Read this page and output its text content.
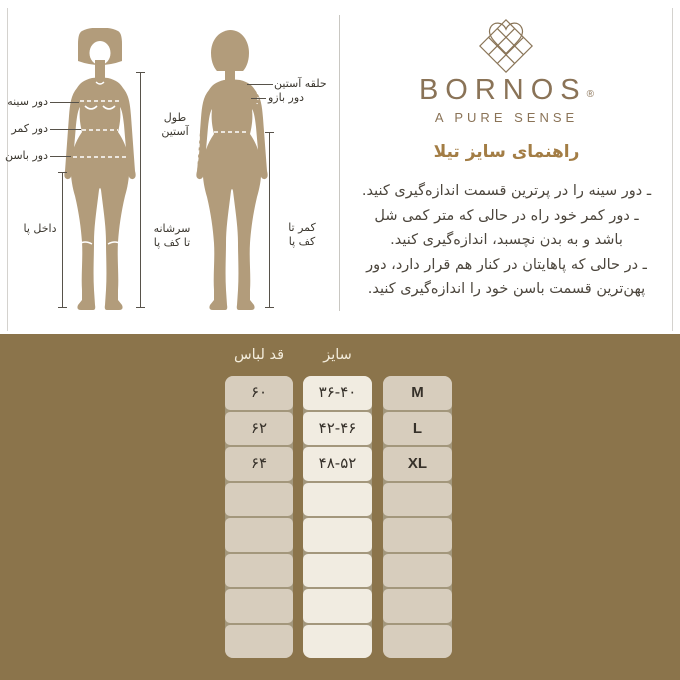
دور سینه
دور کمر
دور باسن
داخل پا	سرشانه
تا کف پا
حلقه آستین
دور بازو
طول
آستین
کمر تا
کف پا
BORNOS®
A PURE SENSE
راهنمای سایز تیلا
ـ دور سینه را در پرترین قسمت اندازه‌گیری کنید.
ـ دور کمر خود راه در حالی که متر کمی شل
باشد و به بدن نچسبد، اندازه‌گیری کنید.
ـ در حالی که پاهایتان در کنار هم قرار دارد، دور
پهن‌ترین قسمت باسن خود را اندازه‌گیری کنید.
قد لباس	سایز
۶۰
۶۲
۶۴
۳۶-۴۰
۴۲-۴۶
۴۸-۵۲
M
L
XL
